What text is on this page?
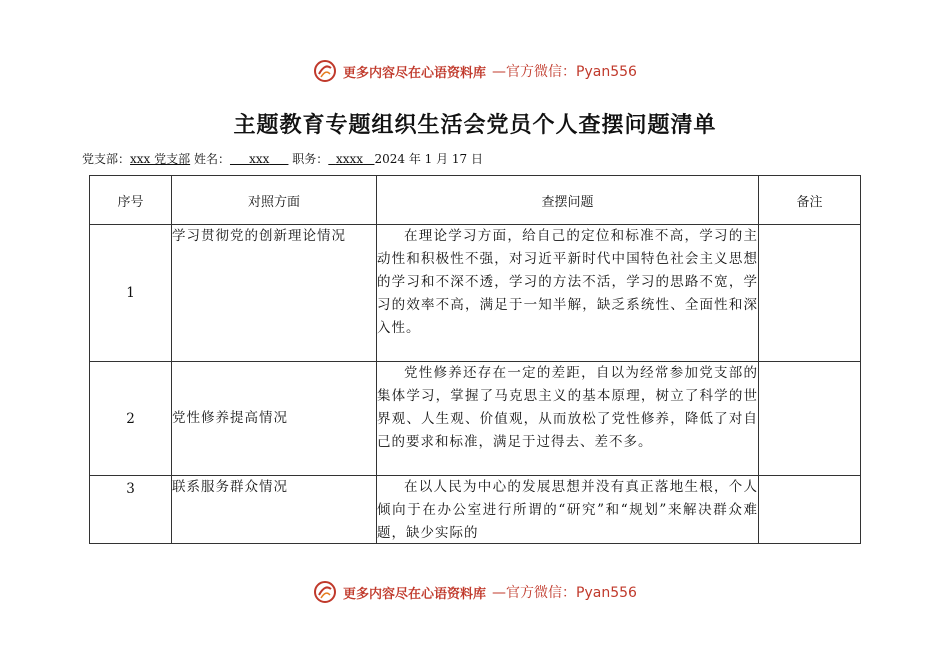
更多内容尽在心语资料库 —官方微信：Pyan556
主题教育专题组织生活会党员个人查摆问题清单
党支部：xxx 党支部 姓名： xxx 职务： xxxx 2024 年 1 月 17 日
序号	对照方面	查摆问题	备注
1	学习贯彻党的创新理论情况	在理论学习方面，给自己的定位和标准不高，学习的主动性和积极性不强，对习近平新时代中国特色社会主义思想的学习和不深不透，学习的方法不活，学习的思路不宽，学习的效率不高，满足于一知半解，缺乏系统性、全面性和深入性。	
2	党性修养提高情况	党性修养还存在一定的差距，自以为经常参加党支部的集体学习，掌握了马克思主义的基本原理，树立了科学的世界观、人生观、价值观，从而放松了党性修养，降低了对自己的要求和标准，满足于过得去、差不多。	
3	联系服务群众情况	在以人民为中心的发展思想并没有真正落地生根，个人倾向于在办公室进行所谓的“研究”和“规划”来解决群众难题，缺少实际的	

更多内容尽在心语资料库 —官方微信：Pyan556
